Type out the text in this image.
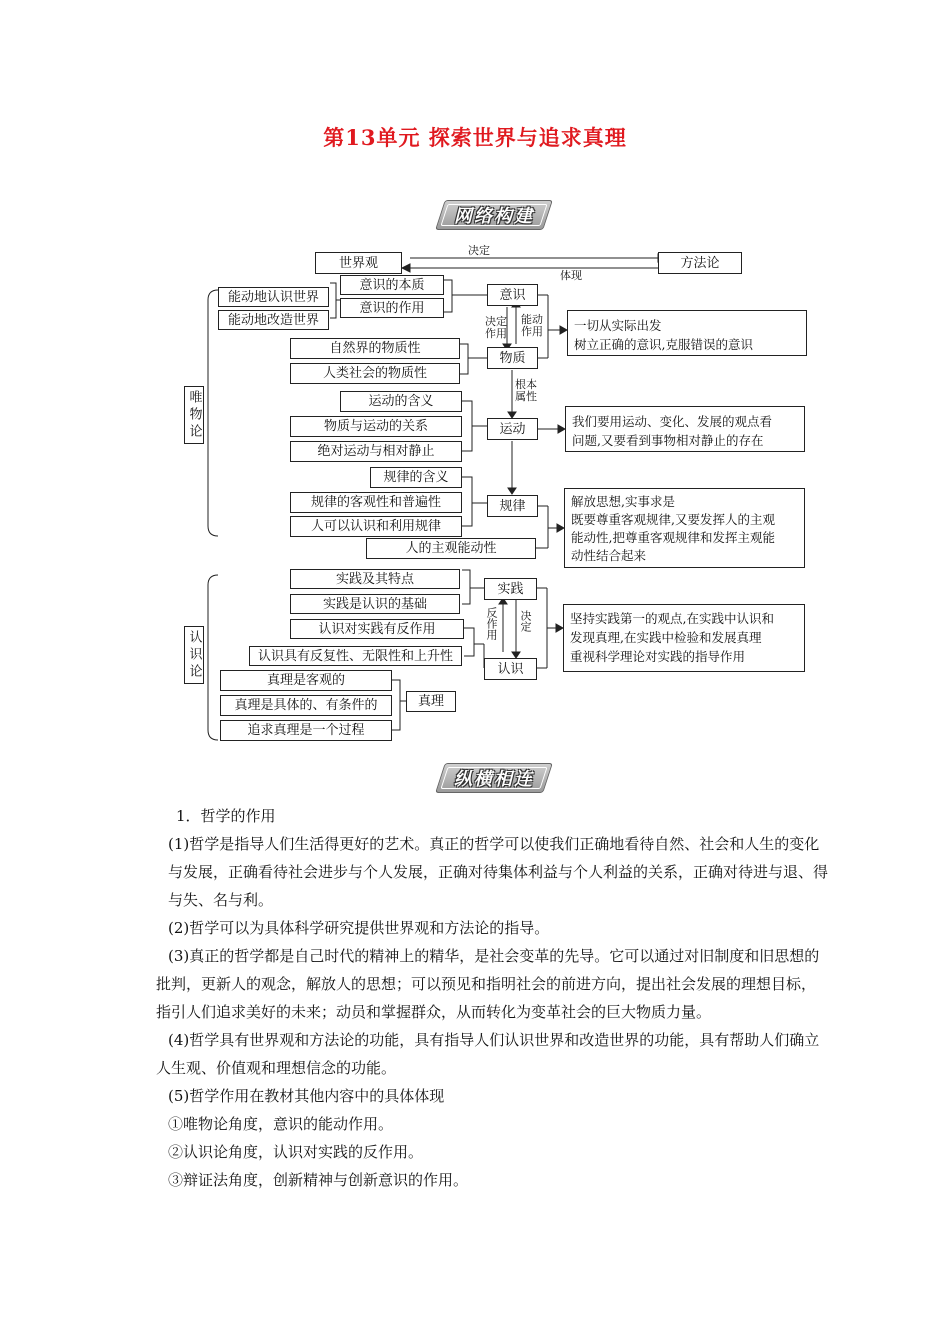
第13单元 探索世界与追求真理
网络构建
世界观	方法论
决定
体现
唯物论
认识论
能动地认识世界
能动地改造世界
意识的本质
意识的作用
意识
物质
决定作用
能动作用
根本属性
一切从实际出发
树立正确的意识,克服错误的意识
自然界的物质性
人类社会的物质性
运动的含义
物质与运动的关系
绝对运动与相对静止
运动	我们要用运动、变化、发展的观点看
问题,又要看到事物相对静止的存在
规律的含义
规律的客观性和普遍性
人可以认识和利用规律
人的主观能动性
规律	解放思想,实事求是
既要尊重客观规律,又要发挥人的主观
能动性,把尊重客观规律和发挥主观能
动性结合起来
实践及其特点
实践是认识的基础
认识对实践有反作用
认识具有反复性、无限性和上升性
实践
认识
反作用 决定	坚持实践第一的观点,在实践中认识和
发现真理,在实践中检验和发展真理
重视科学理论对实践的指导作用
真理是客观的
真理是具体的、有条件的
追求真理是一个过程
真理
纵横相连
1．哲学的作用

(1)哲学是指导人们生活得更好的艺术。真正的哲学可以使我们正确地看待自然、社会和人生的变化与发展，正确看待社会进步与个人发展，正确对待集体利益与个人利益的关系，正确对待进与退、得与失、名与利。

(2)哲学可以为具体科学研究提供世界观和方法论的指导。

(3)真正的哲学都是自己时代的精神上的精华，是社会变革的先导。它可以通过对旧制度和旧思想的批判，更新人的观念，解放人的思想；可以预见和指明社会的前进方向，提出社会发展的理想目标，指引人们追求美好的未来；动员和掌握群众，从而转化为变革社会的巨大物质力量。

(4)哲学具有世界观和方法论的功能，具有指导人们认识世界和改造世界的功能，具有帮助人们确立人生观、价值观和理想信念的功能。

(5)哲学作用在教材其他内容中的具体体现

①唯物论角度，意识的能动作用。

②认识论角度，认识对实践的反作用。

③辩证法角度，创新精神与创新意识的作用。
